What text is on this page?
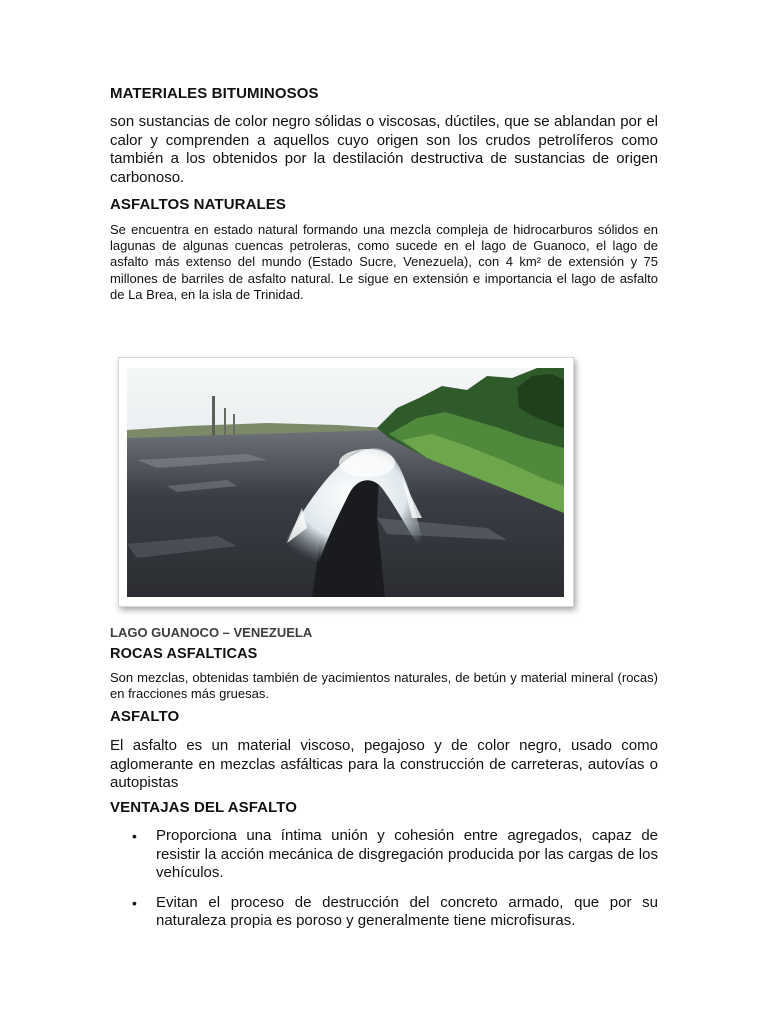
MATERIALES BITUMINOSOS

son sustancias de color negro sólidas o viscosas, dúctiles, que se ablandan por el calor y comprenden a aquellos cuyo origen son los crudos petrolíferos como también a los obtenidos por la destilación destructiva de sustancias de origen carbonoso.

ASFALTOS NATURALES

Se encuentra en estado natural formando una mezcla compleja de hidrocarburos sólidos en lagunas de algunas cuencas petroleras, como sucede en el lago de Guanoco, el lago de asfalto más extenso del mundo (Estado Sucre, Venezuela), con 4 km² de extensión y 75 millones de barriles de asfalto natural. Le sigue en extensión e importancia el lago de asfalto de La Brea, en la isla de Trinidad.

LAGO GUANOCO – VENEZUELA
ROCAS ASFALTICAS

Son mezclas, obtenidas también de yacimientos naturales, de betún y material mineral (rocas) en fracciones más gruesas.

ASFALTO

El asfalto es un material viscoso, pegajoso y de color negro, usado como aglomerante en mezclas asfálticas para la construcción de carreteras, autovías o autopistas

VENTAJAS DEL ASFALTO
• Proporciona una íntima unión y cohesión entre agregados, capaz de resistir la acción mecánica de disgregación producida por las cargas de los vehículos.
• Evitan el proceso de destrucción del concreto armado, que por su naturaleza propia es poroso y generalmente tiene microfisuras.
